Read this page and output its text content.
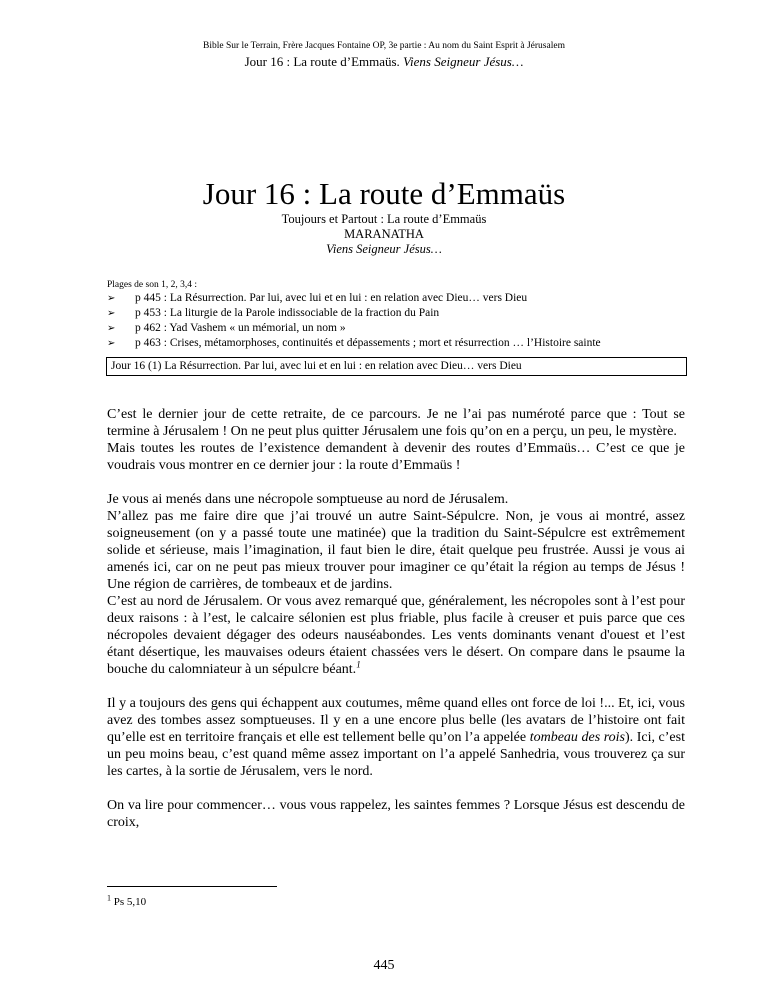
Bible Sur le Terrain, Frère Jacques Fontaine OP, 3e partie : Au nom du Saint Esprit à Jérusalem
Jour 16 : La route d’Emmaüs. Viens Seigneur Jésus…
Jour 16 : La route d’Emmaüs
Toujours et Partout : La route d’Emmaüs
MARANATHA
Viens Seigneur Jésus…
Plages de son 1, 2, 3,4 :
➢	p 445 : La Résurrection. Par lui, avec lui et en lui : en relation avec Dieu… vers Dieu
➢	p 453 : La liturgie de la Parole indissociable de la fraction du Pain
➢	p 462 : Yad Vashem « un mémorial, un nom »
➢	p 463 : Crises, métamorphoses, continuités et dépassements ; mort et résurrection … l’Histoire sainte
Jour 16 (1) La Résurrection. Par lui, avec lui et en lui : en relation avec Dieu… vers Dieu

C’est le dernier jour de cette retraite, de ce parcours. Je ne l’ai pas numéroté parce que : Tout se termine à Jérusalem ! On ne peut plus quitter Jérusalem une fois qu’on en a perçu, un peu, le mystère.

Mais toutes les routes de l’existence demandent à devenir des routes d’Emmaüs… C’est ce que je voudrais vous montrer en ce dernier jour : la route d’Emmaüs !

Je vous ai menés dans une nécropole somptueuse au nord de Jérusalem.

N’allez pas me faire dire que j’ai trouvé un autre Saint-Sépulcre. Non, je vous ai montré, assez soigneusement (on y a passé toute une matinée) que la tradition du Saint-Sépulcre est extrêmement solide et sérieuse, mais l’imagination, il faut bien le dire, était quelque peu frustrée. Aussi je vous ai amenés ici, car on ne peut pas mieux trouver pour imaginer ce qu’était la région au temps de Jésus ! Une région de carrières, de tombeaux et de jardins.

C’est au nord de Jérusalem. Or vous avez remarqué que, généralement, les nécropoles sont à l’est pour deux raisons : à l’est, le calcaire sélonien est plus friable, plus facile à creuser et puis parce que ces nécropoles devaient dégager des odeurs nauséabondes. Les vents dominants venant d'ouest et l’est étant désertique, les mauvaises odeurs étaient chassées vers le désert. On compare dans le psaume la bouche du calomniateur à un sépulcre béant.$^1$

Il y a toujours des gens qui échappent aux coutumes, même quand elles ont force de loi !... Et, ici, vous avez des tombes assez somptueuses. Il y en a une encore plus belle (les avatars de l’histoire ont fait qu’elle est en territoire français et elle est tellement belle qu’on l’a appelée tombeau des rois). Ici, c’est un peu moins beau, c’est quand même assez important on l’a appelé Sanhedria, vous trouverez ça sur les cartes, à la sortie de Jérusalem, vers le nord.

On va lire pour commencer… vous vous rappelez, les saintes femmes ? Lorsque Jésus est descendu de croix,

$^1$ Ps 5,10
445
